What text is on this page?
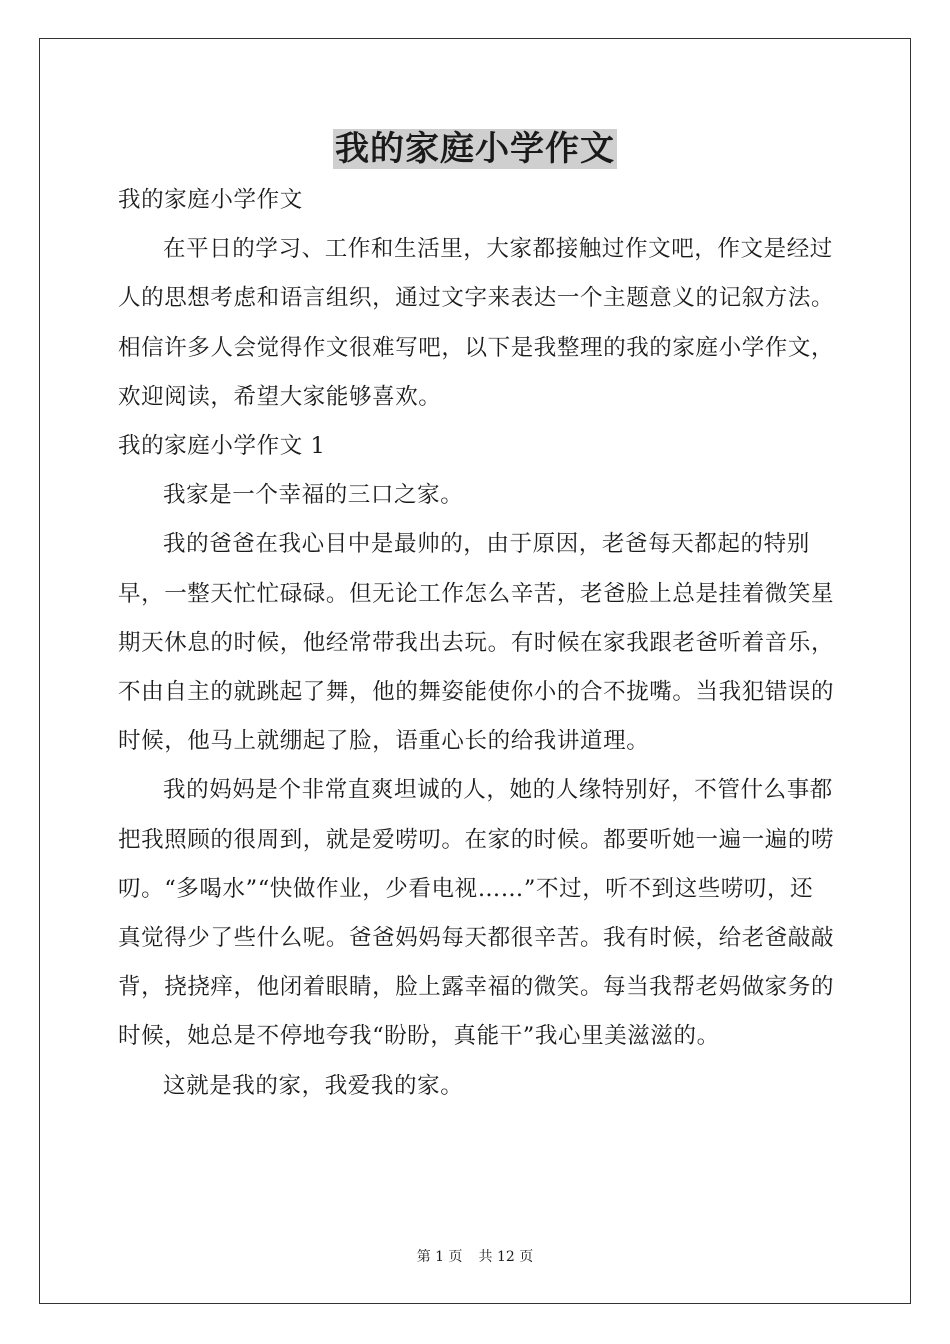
我的家庭小学作文

我的家庭小学作文

在平日的学习、工作和生活里，大家都接触过作文吧，作文是经过人的思想考虑和语言组织，通过文字来表达一个主题意义的记叙方法。相信许多人会觉得作文很难写吧，以下是我整理的我的家庭小学作文，欢迎阅读，希望大家能够喜欢。

我的家庭小学作文 1

我家是一个幸福的三口之家。

我的爸爸在我心目中是最帅的，由于原因，老爸每天都起的特别早，一整天忙忙碌碌。但无论工作怎么辛苦，老爸脸上总是挂着微笑星期天休息的时候，他经常带我出去玩。有时候在家我跟老爸听着音乐，不由自主的就跳起了舞，他的舞姿能使你小的合不拢嘴。当我犯错误的时候，他马上就绷起了脸，语重心长的给我讲道理。

我的妈妈是个非常直爽坦诚的人，她的人缘特别好，不管什么事都把我照顾的很周到，就是爱唠叨。在家的时候。都要听她一遍一遍的唠叨。“多喝水”“快做作业，少看电视……”不过，听不到这些唠叨，还真觉得少了些什么呢。爸爸妈妈每天都很辛苦。我有时候，给老爸敲敲背，挠挠痒，他闭着眼睛，脸上露幸福的微笑。每当我帮老妈做家务的时候，她总是不停地夸我“盼盼，真能干”我心里美滋滋的。

这就是我的家，我爱我的家。

第 1 页 共 12 页
